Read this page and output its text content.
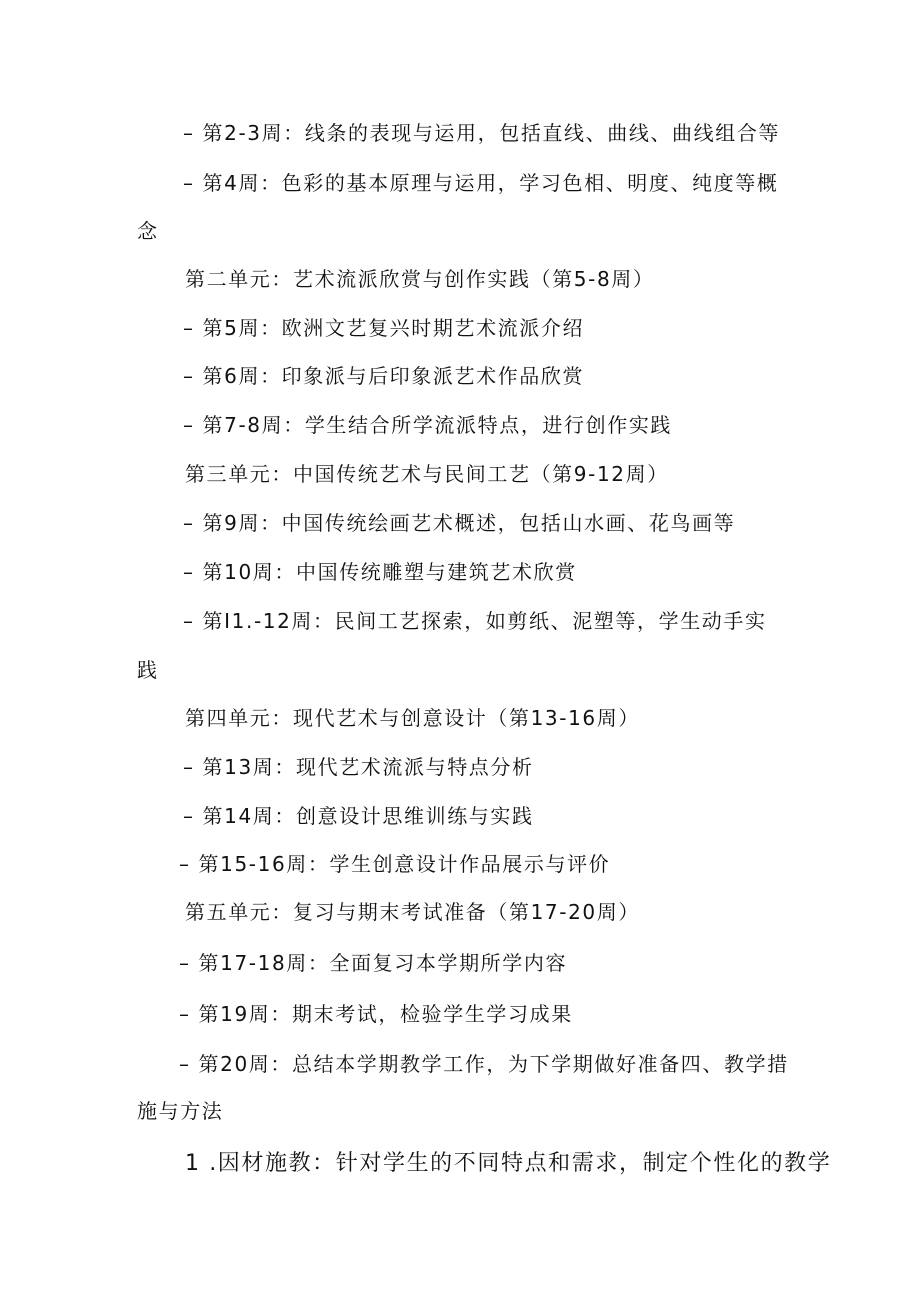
– 第2-3周：线条的表现与运用，包括直线、曲线、曲线组合等
– 第4周：色彩的基本原理与运用，学习色相、明度、纯度等概
念
第二单元：艺术流派欣赏与创作实践（第5-8周）
– 第5周：欧洲文艺复兴时期艺术流派介绍
– 第6周：印象派与后印象派艺术作品欣赏
– 第7-8周：学生结合所学流派特点，进行创作实践
第三单元：中国传统艺术与民间工艺（第9-12周）
– 第9周：中国传统绘画艺术概述，包括山水画、花鸟画等
– 第10周：中国传统雕塑与建筑艺术欣赏
– 第I1.-12周：民间工艺探索，如剪纸、泥塑等，学生动手实
践
第四单元：现代艺术与创意设计（第13-16周）
– 第13周：现代艺术流派与特点分析
– 第14周：创意设计思维训练与实践
– 第15-16周：学生创意设计作品展示与评价
第五单元：复习与期末考试准备（第17-20周）
– 第17-18周：全面复习本学期所学内容
– 第19周：期末考试，检验学生学习成果
– 第20周：总结本学期教学工作，为下学期做好准备四、教学措
施与方法
1 .因材施教：针对学生的不同特点和需求，制定个性化的教学
